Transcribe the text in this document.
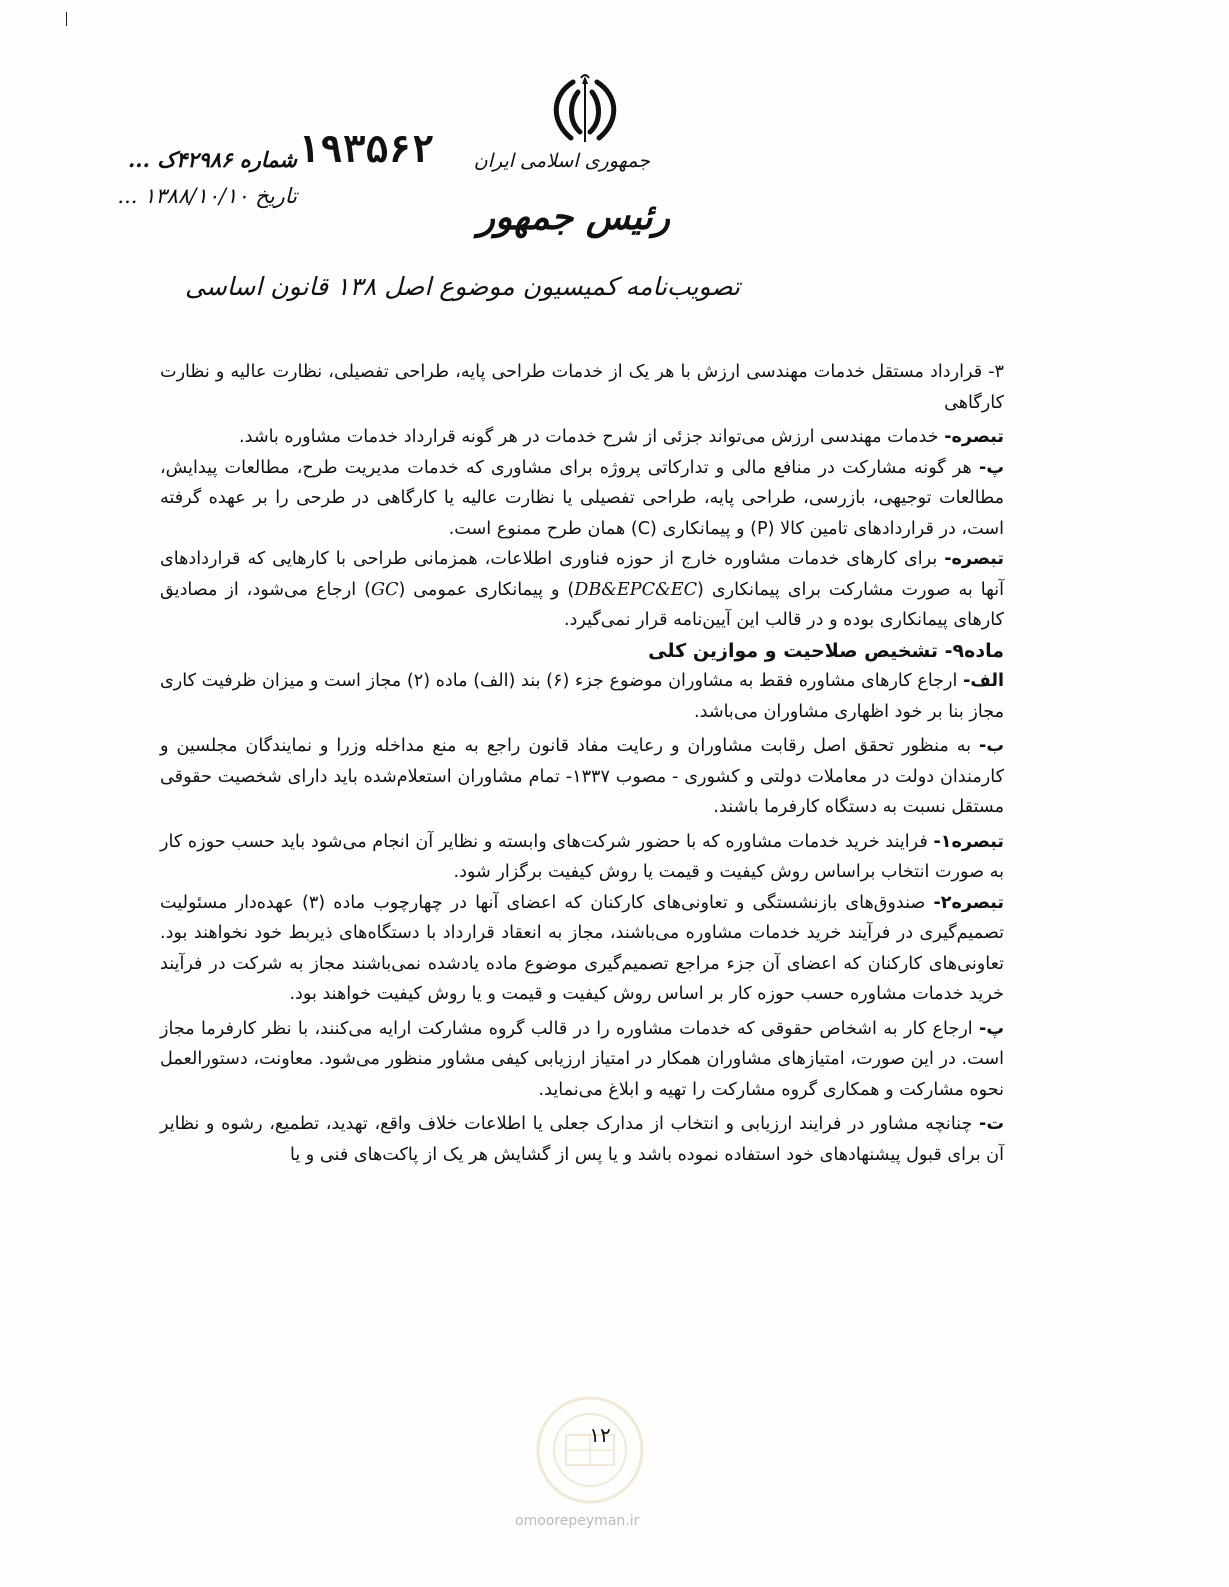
جمهوری اسلامی ایران
رئیس جمهور
تصویب‌نامه کمیسیون موضوع اصل ۱۳۸ قانون اساسی
۱۹۳۵۶۲
شماره ۴۲۹۸۶ک ...
تاریخ ۱۳۸۸/۱۰/۱۰ ...

۳- قرارداد مستقل خدمات مهندسی ارزش با هر یک از خدمات طراحی پایه، طراحی تفصیلی، نظارت عالیه و نظارت کارگاهی

تبصره- خدمات مهندسی ارزش می‌تواند جزئی از شرح خدمات در هر گونه قرارداد خدمات مشاوره باشد.

پ- هر گونه مشارکت در منافع مالی و تدارکاتی پروژه برای مشاوری که خدمات مدیریت طرح، مطالعات پیدایش، مطالعات توجیهی، بازرسی، طراحی پایه، طراحی تفصیلی یا نظارت عالیه یا کارگاهی در طرحی را بر عهده گرفته است، در قراردادهای تامین کالا (P) و پیمانکاری (C) همان طرح ممنوع است.

تبصره- برای کارهای خدمات مشاوره خارج از حوزه فناوری اطلاعات، همزمانی طراحی با کارهایی که قراردادهای آنها به صورت مشارکت برای پیمانکاری (DB&EPC&EC) و پیمانکاری عمومی (GC) ارجاع می‌شود، از مصادیق کارهای پیمانکاری بوده و در قالب این آیین‌نامه قرار نمی‌گیرد.

ماده۹- تشخیص صلاحیت و موازین کلی

الف- ارجاع کارهای مشاوره فقط به مشاوران موضوع جزء (۶) بند (الف) ماده (۲) مجاز است و میزان ظرفیت کاری مجاز بنا بر خود اظهاری مشاوران می‌باشد.

ب- به منظور تحقق اصل رقابت مشاوران و رعایت مفاد قانون راجع به منع مداخله وزرا و نمایندگان مجلسین و کارمندان دولت در معاملات دولتی و کشوری - مصوب ۱۳۳۷- تمام مشاوران استعلام‌شده باید دارای شخصیت حقوقی مستقل نسبت به دستگاه کارفرما باشند.

تبصره۱- فرایند خرید خدمات مشاوره که با حضور شرکت‌های وابسته و نظایر آن انجام می‌شود باید حسب حوزه کار به صورت انتخاب براساس روش کیفیت و قیمت یا روش کیفیت برگزار شود.

تبصره۲- صندوق‌های بازنشستگی و تعاونی‌های کارکنان که اعضای آنها در چهارچوب ماده (۳) عهده‌دار مسئولیت تصمیم‌گیری در فرآیند خرید خدمات مشاوره می‌باشند، مجاز به انعقاد قرارداد با دستگاه‌های ذیربط خود نخواهند بود. تعاونی‌های کارکنان که اعضای آن جزء مراجع تصمیم‌گیری موضوع ماده یادشده نمی‌باشند مجاز به شرکت در فرآیند خرید خدمات مشاوره حسب حوزه کار بر اساس روش کیفیت و قیمت و یا روش کیفیت خواهند بود.

پ- ارجاع کار به اشخاص حقوقی که خدمات مشاوره را در قالب گروه مشارکت ارایه می‌کنند، با نظر کارفرما مجاز است. در این صورت، امتیازهای مشاوران همکار در امتیاز ارزیابی کیفی مشاور منظور می‌شود. معاونت، دستورالعمل نحوه مشارکت و همکاری گروه مشارکت را تهیه و ابلاغ می‌نماید.

ت- چنانچه مشاور در فرایند ارزیابی و انتخاب از مدارک جعلی یا اطلاعات خلاف واقع، تهدید، تطمیع، رشوه و نظایر آن برای قبول پیشنهادهای خود استفاده نموده باشد و یا پس از گشایش هر یک از پاکت‌های فنی و یا

۱۲
omoorepeyman.ir
